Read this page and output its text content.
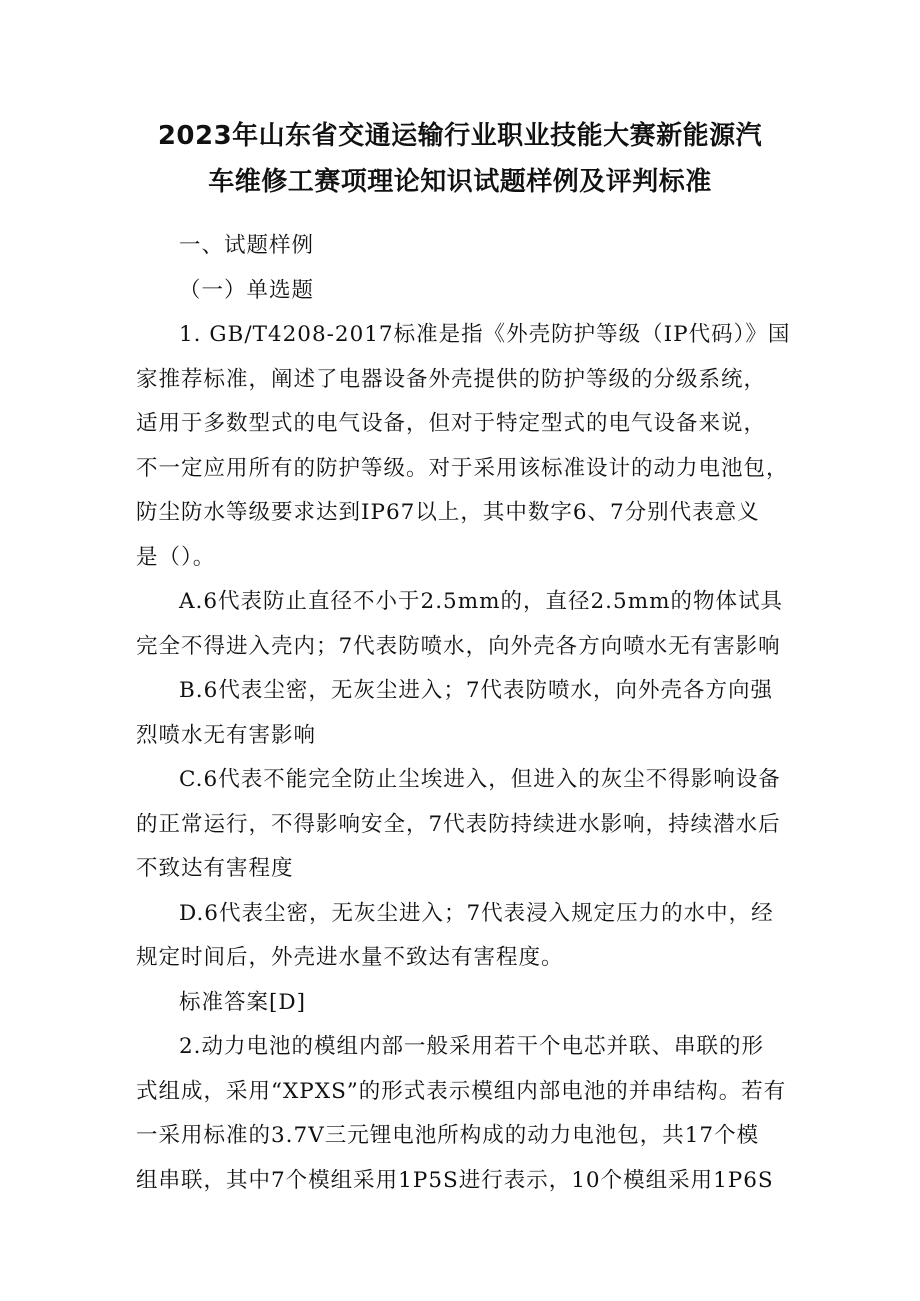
2023年山东省交通运输行业职业技能大赛新能源汽
车维修工赛项理论知识试题样例及评判标准
一、试题样例
（一）单选题
1. GB/T4208-2017标准是指《外壳防护等级（IP代码）》国
家推荐标准，阐述了电器设备外壳提供的防护等级的分级系统，
适用于多数型式的电气设备，但对于特定型式的电气设备来说，
不一定应用所有的防护等级。对于采用该标准设计的动力电池包，
防尘防水等级要求达到IP67以上，其中数字6、7分别代表意义
是（）。
A.6代表防止直径不小于2.5mm的，直径2.5mm的物体试具
完全不得进入壳内；7代表防喷水，向外壳各方向喷水无有害影响
B.6代表尘密，无灰尘进入；7代表防喷水，向外壳各方向强
烈喷水无有害影响
C.6代表不能完全防止尘埃进入，但进入的灰尘不得影响设备
的正常运行，不得影响安全，7代表防持续进水影响，持续潜水后
不致达有害程度
D.6代表尘密，无灰尘进入；7代表浸入规定压力的水中，经
规定时间后，外壳进水量不致达有害程度。
标准答案[D]
2.动力电池的模组内部一般采用若干个电芯并联、串联的形
式组成，采用“XPXS”的形式表示模组内部电池的并串结构。若有
一采用标准的3.7V三元锂电池所构成的动力电池包，共17个模
组串联，其中7个模组采用1P5S进行表示，10个模组采用1P6S
